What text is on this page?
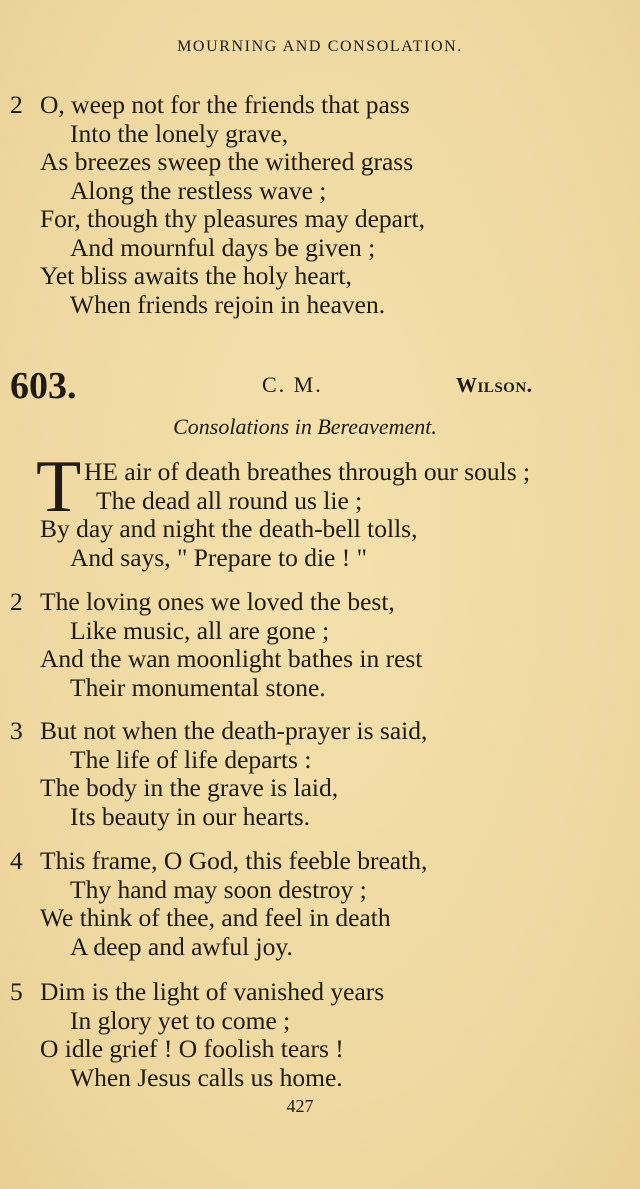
MOURNING AND CONSOLATION.
2 O, weep not for the friends that pass
Into the lonely grave,
As breezes sweep the withered grass
Along the restless wave ;
For, though thy pleasures may depart,
And mournful days be given ;
Yet bliss awaits the holy heart,
When friends rejoin in heaven.
603.	C. M.	Wilson.
Consolations in Bereavement.
T HE air of death breathes through our souls ;
The dead all round us lie ;
By day and night the death-bell tolls,
And says, " Prepare to die ! "
2 The loving ones we loved the best,
Like music, all are gone ;
And the wan moonlight bathes in rest
Their monumental stone.
3 But not when the death-prayer is said,
The life of life departs :
The body in the grave is laid,
Its beauty in our hearts.
4 This frame, O God, this feeble breath,
Thy hand may soon destroy ;
We think of thee, and feel in death
A deep and awful joy.
5 Dim is the light of vanished years
In glory yet to come ;
O idle grief ! O foolish tears !
When Jesus calls us home.
427
